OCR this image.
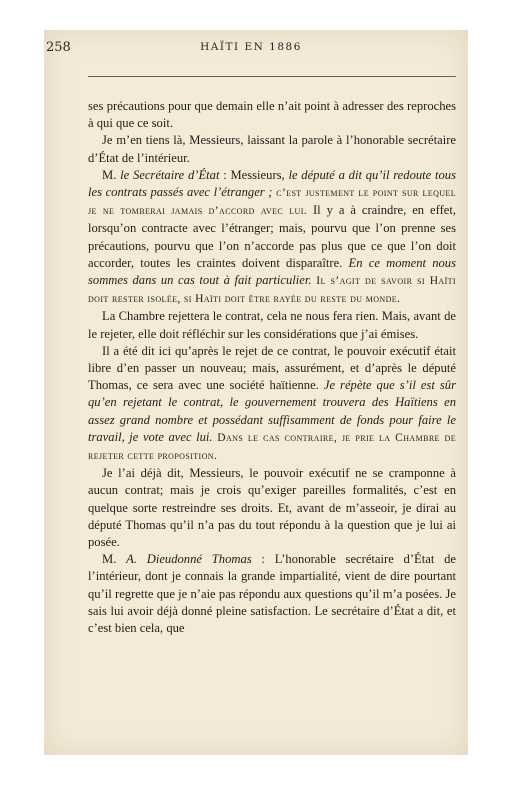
258	HAÏTI EN 1886

ses précautions pour que demain elle n’ait point à adresser des reproches à qui que ce soit.

Je m’en tiens là, Messieurs, laissant la parole à l’honorable secrétaire d’État de l’intérieur.

M. le Secrétaire d’État : Messieurs, le député a dit qu’il redoute tous les contrats passés avec l’étranger ; c’est justement le point sur lequel je ne tomberai jamais d’accord avec lui. Il y a à craindre, en effet, lorsqu’on contracte avec l’étranger; mais, pourvu que l’on prenne ses précautions, pourvu que l’on n’accorde pas plus que ce que l’on doit accorder, toutes les craintes doivent disparaître. En ce moment nous sommes dans un cas tout à fait particulier. Il s’agit de savoir si Haïti doit rester isolée, si Haïti doit être rayée du reste du monde.

La Chambre rejettera le contrat, cela ne nous fera rien. Mais, avant de le rejeter, elle doit réfléchir sur les considérations que j’ai émises.

Il a été dit ici qu’après le rejet de ce contrat, le pouvoir exécutif était libre d’en passer un nouveau; mais, assurément, et d’après le député Thomas, ce sera avec une société haïtienne. Je répète que s’il est sûr qu’en rejetant le contrat, le gouvernement trouvera des Haïtiens en assez grand nombre et possédant suffisamment de fonds pour faire le travail, je vote avec lui. Dans le cas contraire, je prie la Chambre de rejeter cette proposition.

Je l’ai déjà dit, Messieurs, le pouvoir exécutif ne se cramponne à aucun contrat; mais je crois qu’exiger pareilles formalités, c’est en quelque sorte restreindre ses droits. Et, avant de m’asseoir, je dirai au député Thomas qu’il n’a pas du tout répondu à la question que je lui ai posée.

M. A. Dieudonné Thomas : L’honorable secrétaire d’État de l’intérieur, dont je connais la grande impartialité, vient de dire pourtant qu’il regrette que je n’aie pas répondu aux questions qu’il m’a posées. Je sais lui avoir déjà donné pleine satisfaction. Le secrétaire d’État a dit, et c’est bien cela, que
